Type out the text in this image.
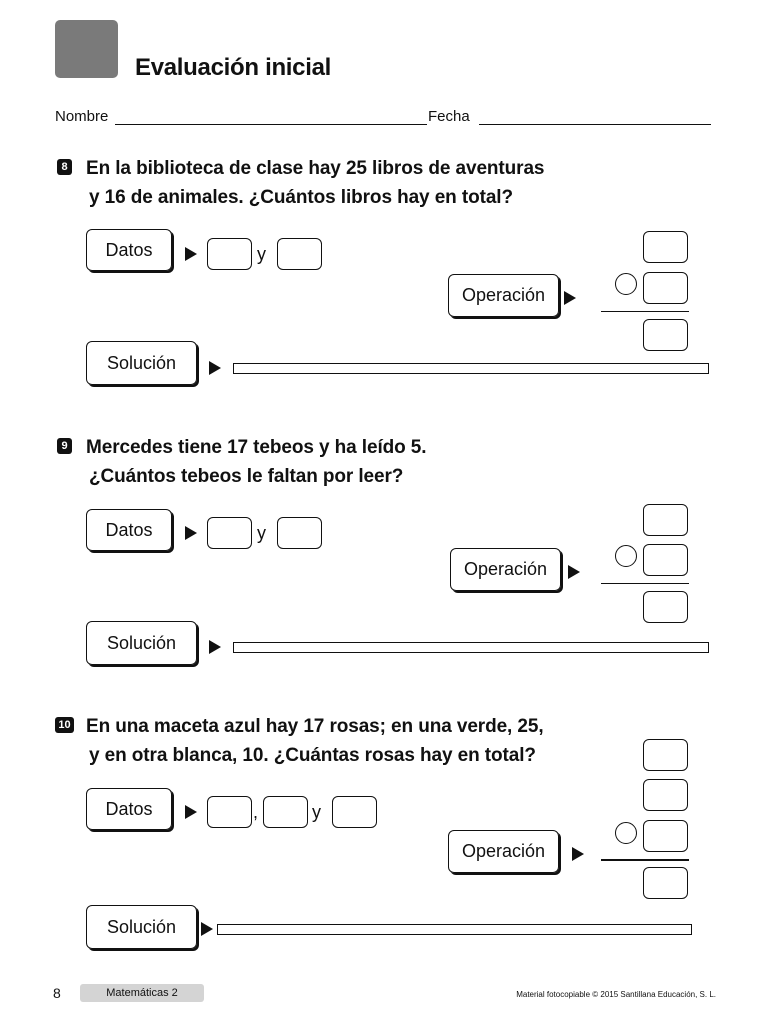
Evaluación inicial
Nombre	Fecha
8 En la biblioteca de clase hay 25 libros de aventuras
y 16 de animales. ¿Cuántos libros hay en total?
Datos	y
Operación
Solución
9 Mercedes tiene 17 tebeos y ha leído 5.
¿Cuántos tebeos le faltan por leer?
Datos	y
Operación
Solución
10 En una maceta azul hay 17 rosas; en una verde, 25,
y en otra blanca, 10. ¿Cuántas rosas hay en total?
Datos	,	y
Operación
Solución
8	Matemáticas 2	Material fotocopiable © 2015 Santillana Educación, S. L.
